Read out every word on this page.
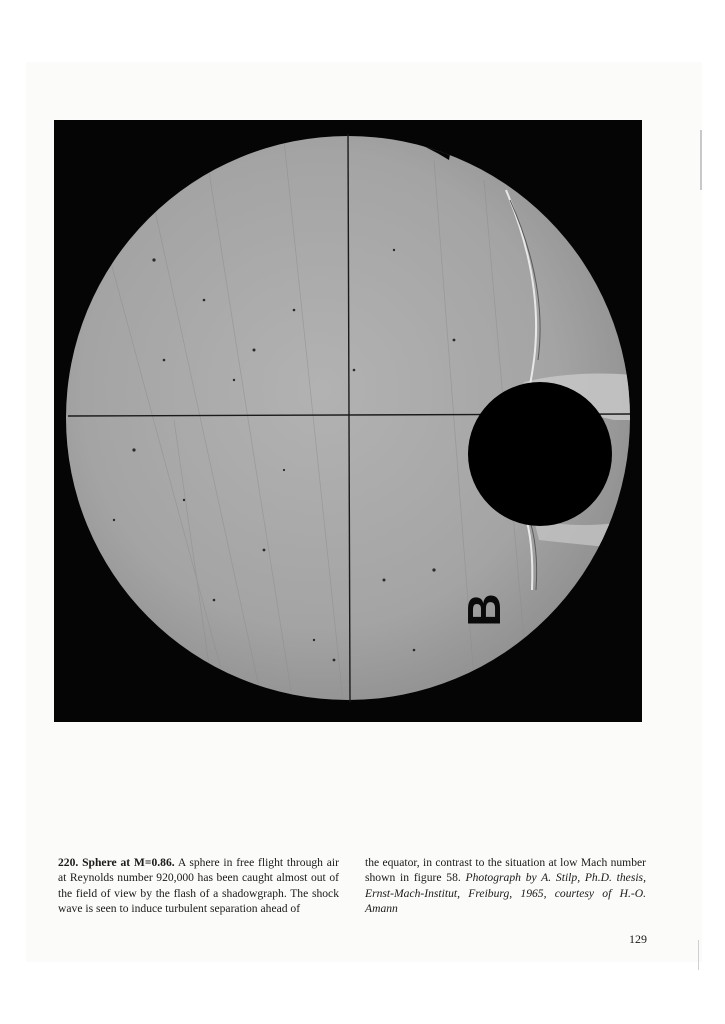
B
220. Sphere at M=0.86. A sphere in free flight through air at Reynolds number 920,000 has been caught almost out of the field of view by the flash of a shadowgraph. The shock wave is seen to induce turbulent separation ahead of
the equator, in contrast to the situation at low Mach number shown in figure 58. Photograph by A. Stilp, Ph.D. thesis, Ernst-Mach-Institut, Freiburg, 1965, courtesy of H.-O. Amann
129
